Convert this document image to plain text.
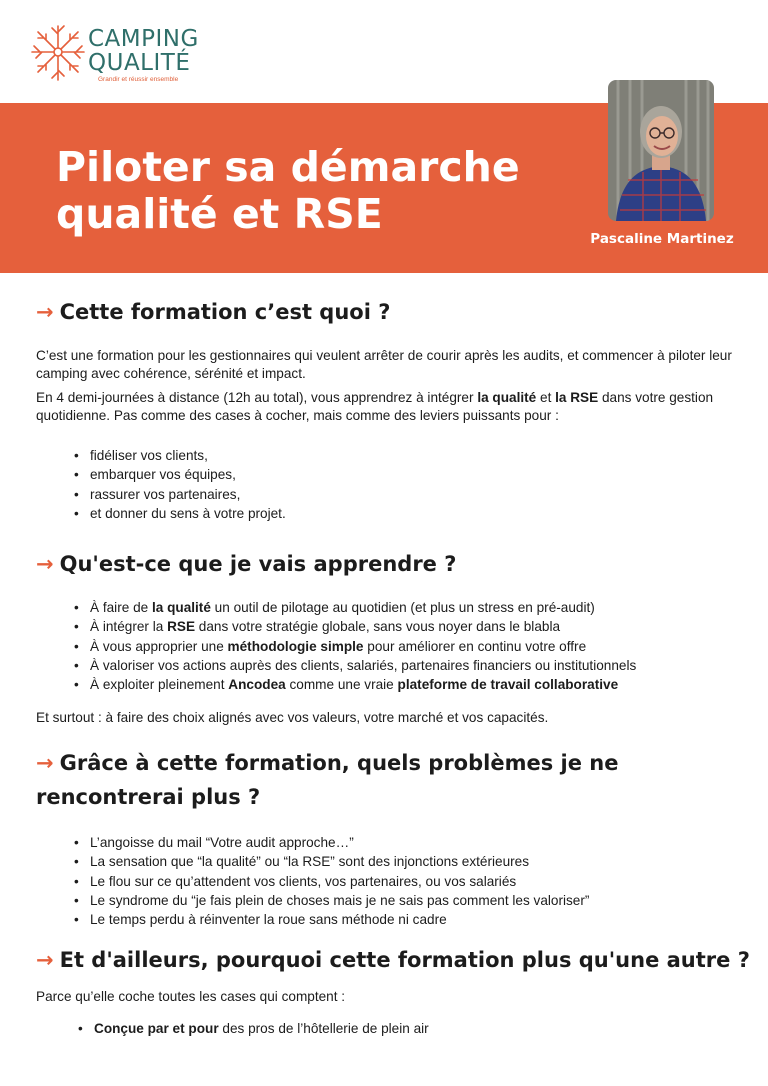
CAMPING
QUALITÉ
Grandir et réussir ensemble
Piloter sa démarche
qualité et RSE
Pascaline Martinez
→ Cette formation c’est quoi ?

C’est une formation pour les gestionnaires qui veulent arrêter de courir après les audits, et commencer à piloter leur camping avec cohérence, sérénité et impact.

En 4 demi-journées à distance (12h au total), vous apprendrez à intégrer la qualité et la RSE dans votre gestion quotidienne. Pas comme des cases à cocher, mais comme des leviers puissants pour :

• fidéliser vos clients,
• embarquer vos équipes,
• rassurer vos partenaires,
• et donner du sens à votre projet.
→ Qu'est-ce que je vais apprendre ?
• À faire de la qualité un outil de pilotage au quotidien (et plus un stress en pré-audit)
• À intégrer la RSE dans votre stratégie globale, sans vous noyer dans le blabla
• À vous approprier une méthodologie simple pour améliorer en continu votre offre
• À valoriser vos actions auprès des clients, salariés, partenaires financiers ou institutionnels
• À exploiter pleinement Ancodea comme une vraie plateforme de travail collaborative

Et surtout : à faire des choix alignés avec vos valeurs, votre marché et vos capacités.

→ Grâce à cette formation, quels problèmes je ne
rencontrerai plus ?
• L’angoisse du mail “Votre audit approche…”
• La sensation que “la qualité” ou “la RSE” sont des injonctions extérieures
• Le flou sur ce qu’attendent vos clients, vos partenaires, ou vos salariés
• Le syndrome du “je fais plein de choses mais je ne sais pas comment les valoriser”
• Le temps perdu à réinventer la roue sans méthode ni cadre
→ Et d'ailleurs, pourquoi cette formation plus qu'une autre ?

Parce qu’elle coche toutes les cases qui comptent :

• Conçue par et pour des pros de l’hôtellerie de plein air
